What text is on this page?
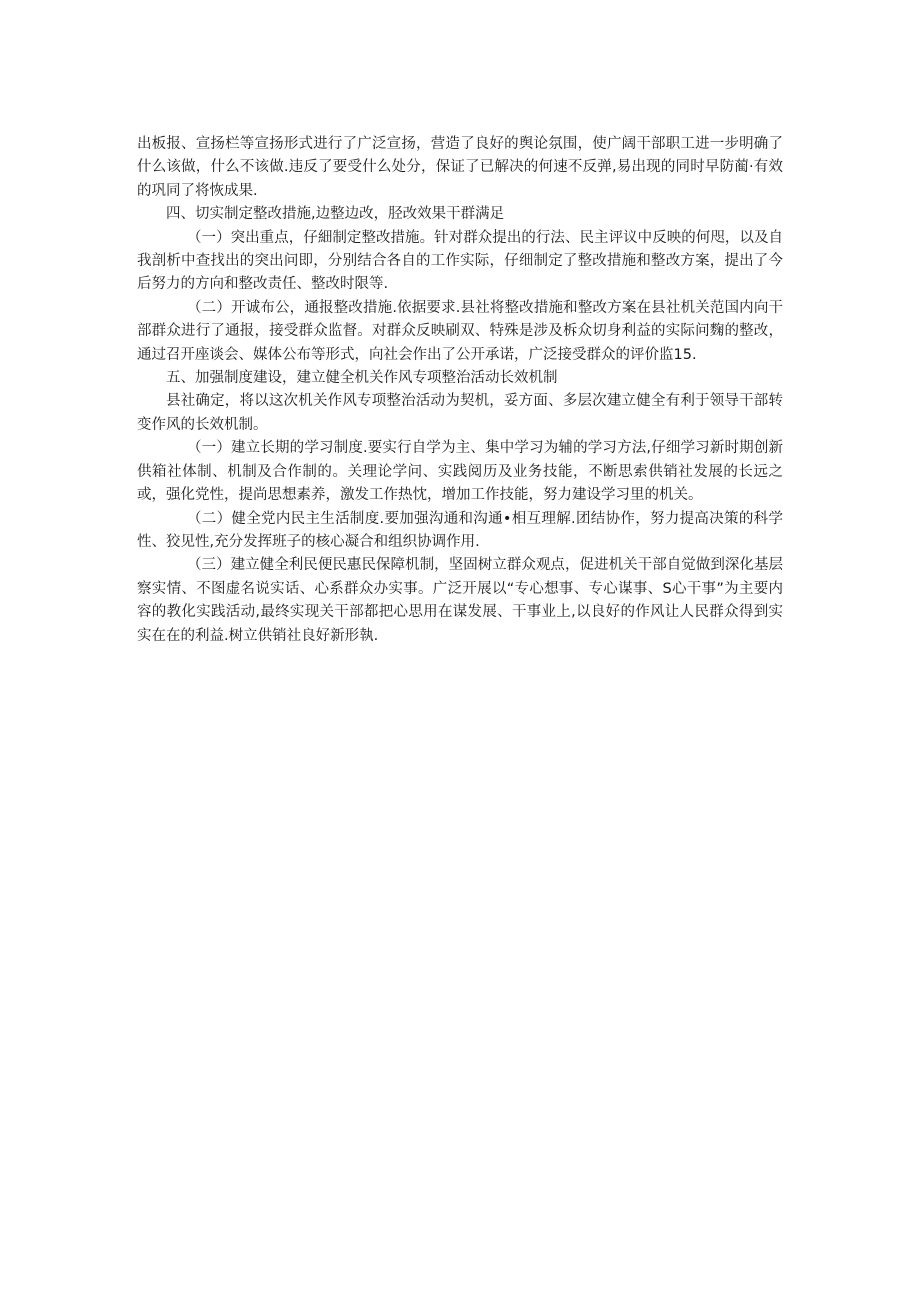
出板报、宣扬栏等宣扬形式进行了广泛宣扬，营造了良好的舆论氛围，使广阔干部职工进一步明确了什么该做，什么不该做.违反了要受什么处分，保证了已解决的何速不反弹,易出现的同时早防蔺·有效的巩同了将恢成果.

四、切实制定整改措施,边整边改，胫改效果干群满足

（一）突出重点，仔細制定整改措施。针对群众提出的行法、民主评议中反映的何咫，以及自我剖析中查找出的突出问即，分别结合各自的工作实际，仔细制定了整改措施和整改方案，提出了今后努力的方向和整改责任、整改时限等.

（二）开诚布公，通报整改措施.依据要求.县社将整改措施和整改方案在县社机关范国内向干部群众进行了通报，接受群众监督。对群众反映刷双、特殊是涉及柝众切身利益的实际问麴的整改，通过召开座谈会、媒体公布等形式，向社会作出了公开承诺，广泛接受群众的评价监15.

五、加强制度建设，建立健全机关作风专项整治活动长效机制

县社确定，将以这次机关作风专项整治活动为契机，妥方面、多层次建立健全有利于领导干部转变作风的长效机制。

（一）建立长期的学习制度.要实行自学为主、集中学习为辅的学习方法,仔细学习新时期创新供箱社体制、机制及合作制的。关理论学问、实践阅历及业务技能，不断思索供销社发展的长远之或，强化党性，提尚思想素养，激发工作热忱，增加工作技能，努力建设学习里的机关。

（二）健全党内民主生活制度.要加强沟通和沟通•相互理解.团结协作，努力提高决策的科学性、狡见性,充分发挥班子的核心凝合和组织协调作用.

（三）建立健全利民便民惠民保障机制，坚固树立群众观点，促进机关干部自觉做到深化基层察实情、不图虚名说实话、心系群众办实事。广泛开展以“专心想事、专心谋事、S心干事”为主要内容的教化实践活动,最终实现关干部都把心思用在谋发展、干事业上,以良好的作风让人民群众得到实实在在的利益.树立供销社良好新形執.
